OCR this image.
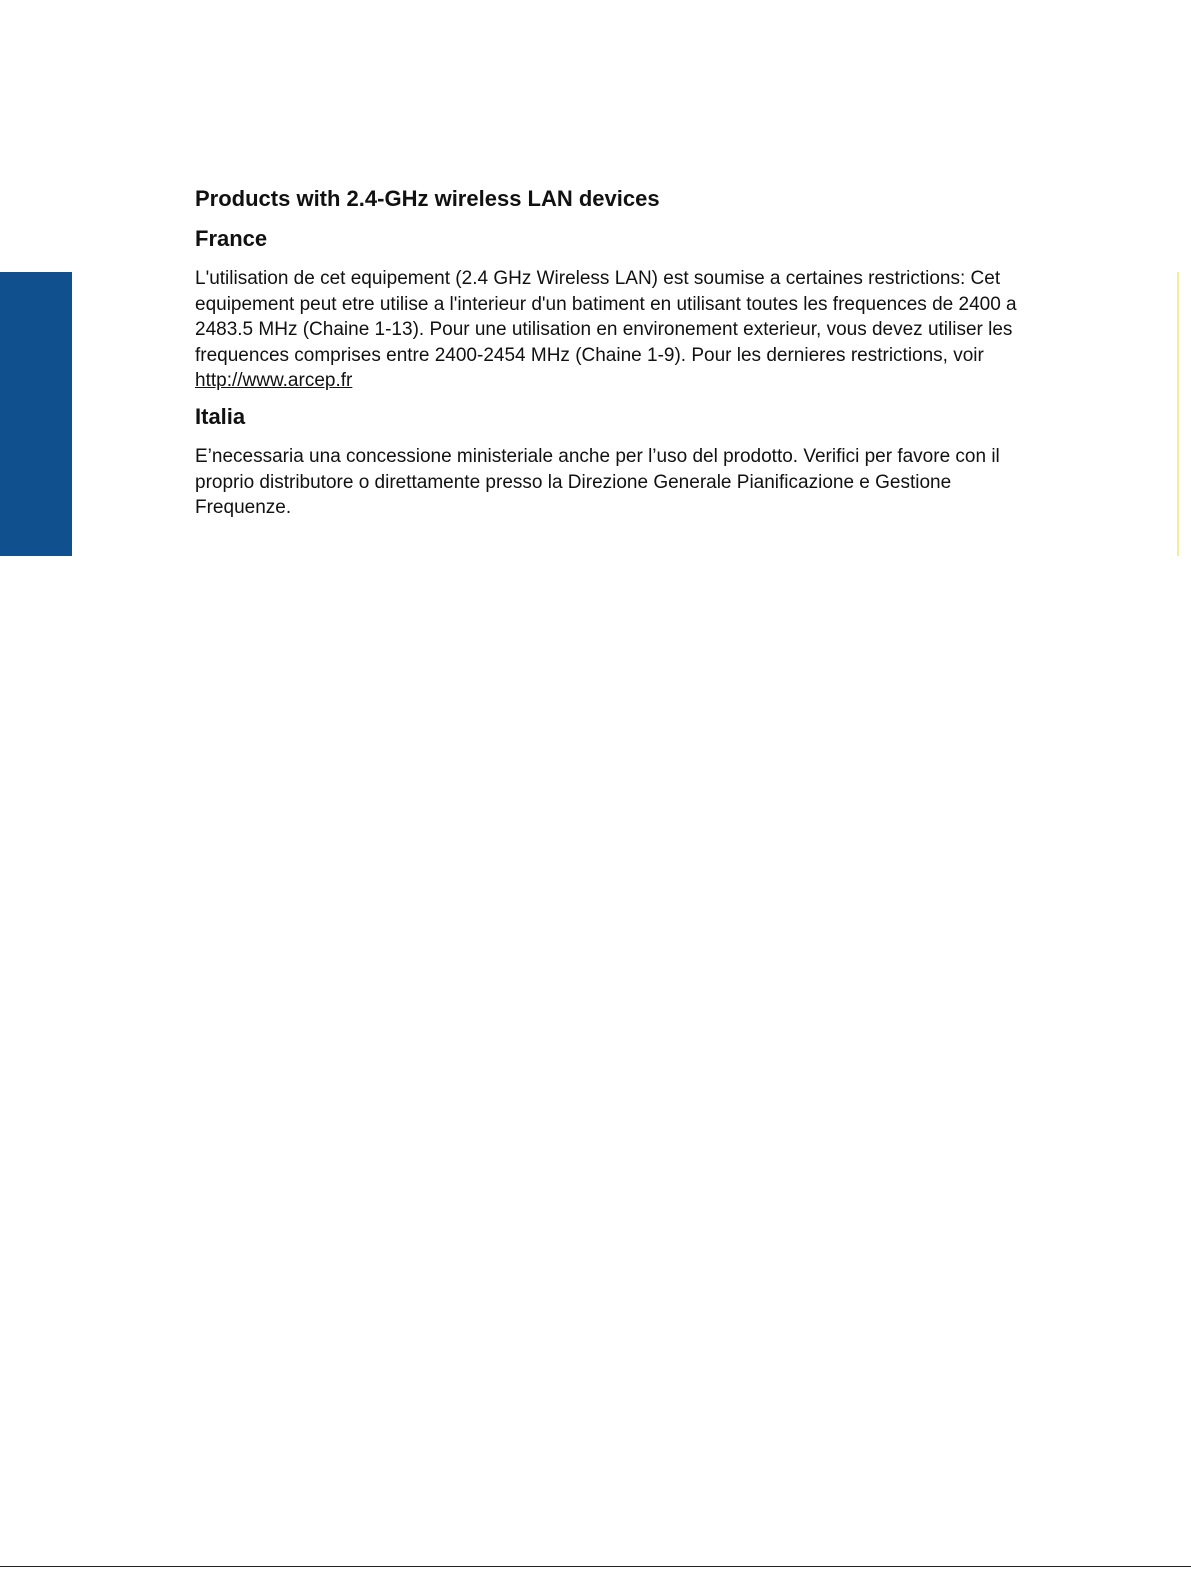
Products with 2.4-GHz wireless LAN devices
France

L'utilisation de cet equipement (2.4 GHz Wireless LAN) est soumise a certaines restrictions: Cet equipement peut etre utilise a l'interieur d'un batiment en utilisant toutes les frequences de 2400 a 2483.5 MHz (Chaine 1-13). Pour une utilisation en environement exterieur, vous devez utiliser les frequences comprises entre 2400-2454 MHz (Chaine 1-9). Pour les dernieres restrictions, voir http://www.arcep.fr

Italia

E’necessaria una concessione ministeriale anche per l’uso del prodotto. Verifici per favore con il proprio distributore o direttamente presso la Direzione Generale Pianificazione e Gestione Frequenze.
